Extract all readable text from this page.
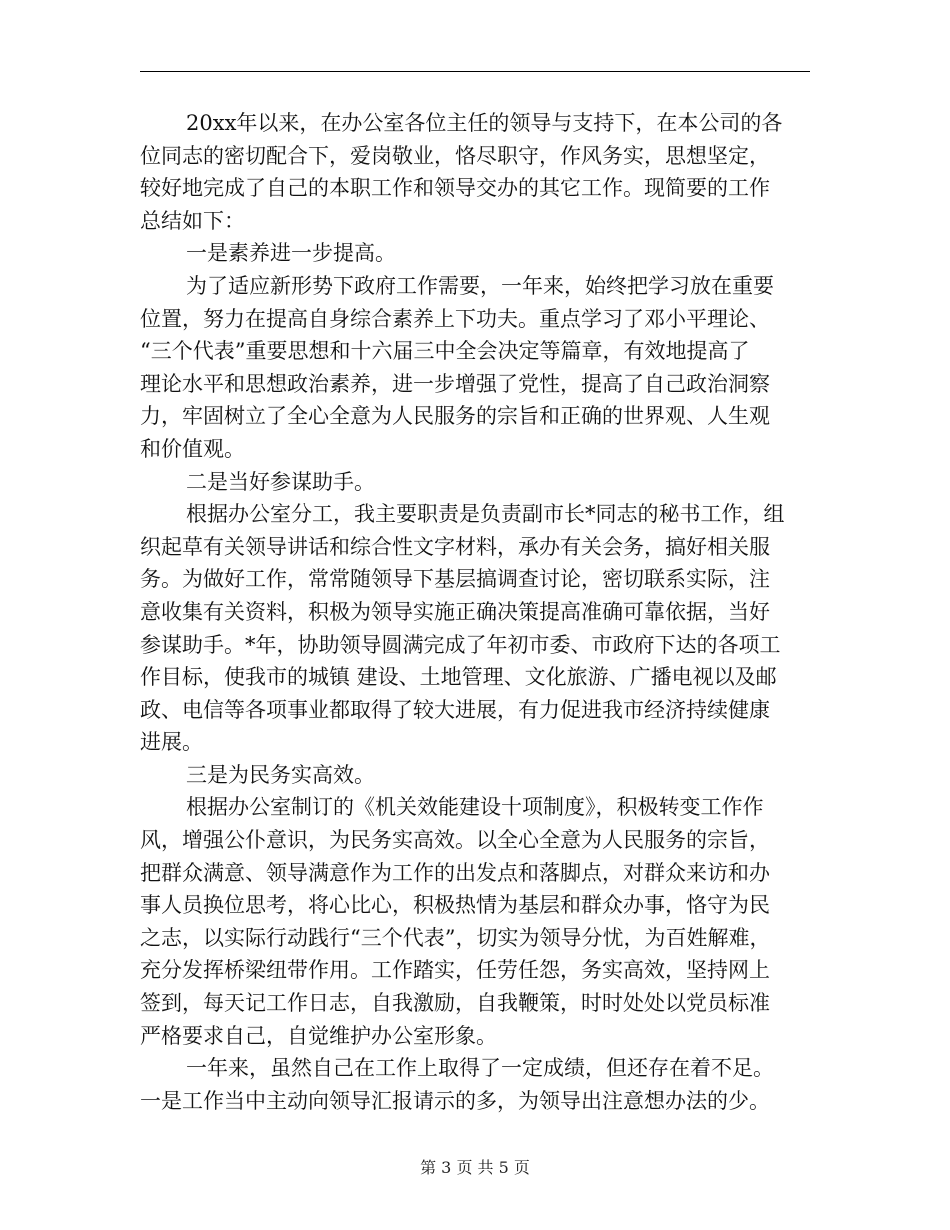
20xx年以来，在办公室各位主任的领导与支持下，在本公司的各
位同志的密切配合下，爱岗敬业，恪尽职守，作风务实，思想坚定，
较好地完成了自己的本职工作和领导交办的其它工作。现简要的工作
总结如下：
一是素养进一步提高。
为了适应新形势下政府工作需要，一年来，始终把学习放在重要
位置，努力在提高自身综合素养上下功夫。重点学习了邓小平理论、
“三个代表”重要思想和十六届三中全会决定等篇章，有效地提高了
理论水平和思想政治素养，进一步增强了党性，提高了自己政治洞察
力，牢固树立了全心全意为人民服务的宗旨和正确的世界观、人生观
和价值观。
二是当好参谋助手。
根据办公室分工，我主要职责是负责副市长*同志的秘书工作，组
织起草有关领导讲话和综合性文字材料，承办有关会务，搞好相关服
务。为做好工作，常常随领导下基层搞调查讨论，密切联系实际，注
意收集有关资料，积极为领导实施正确决策提高准确可靠依据，当好
参谋助手。*年，协助领导圆满完成了年初市委、市政府下达的各项工
作目标，使我市的城镇 建设、土地管理、文化旅游、广播电视以及邮
政、电信等各项事业都取得了较大进展，有力促进我市经济持续健康
进展。
三是为民务实高效。
根据办公室制订的《机关效能建设十项制度》，积极转变工作作
风，增强公仆意识，为民务实高效。以全心全意为人民服务的宗旨，
把群众满意、领导满意作为工作的出发点和落脚点，对群众来访和办
事人员换位思考，将心比心，积极热情为基层和群众办事，恪守为民
之志，以实际行动践行“三个代表”，切实为领导分忧，为百姓解难，
充分发挥桥梁纽带作用。工作踏实，任劳任怨，务实高效，坚持网上
签到，每天记工作日志，自我激励，自我鞭策，时时处处以党员标准
严格要求自己，自觉维护办公室形象。
一年来，虽然自己在工作上取得了一定成绩，但还存在着不足。
一是工作当中主动向领导汇报请示的多，为领导出注意想办法的少。
第 3 页 共 5 页
